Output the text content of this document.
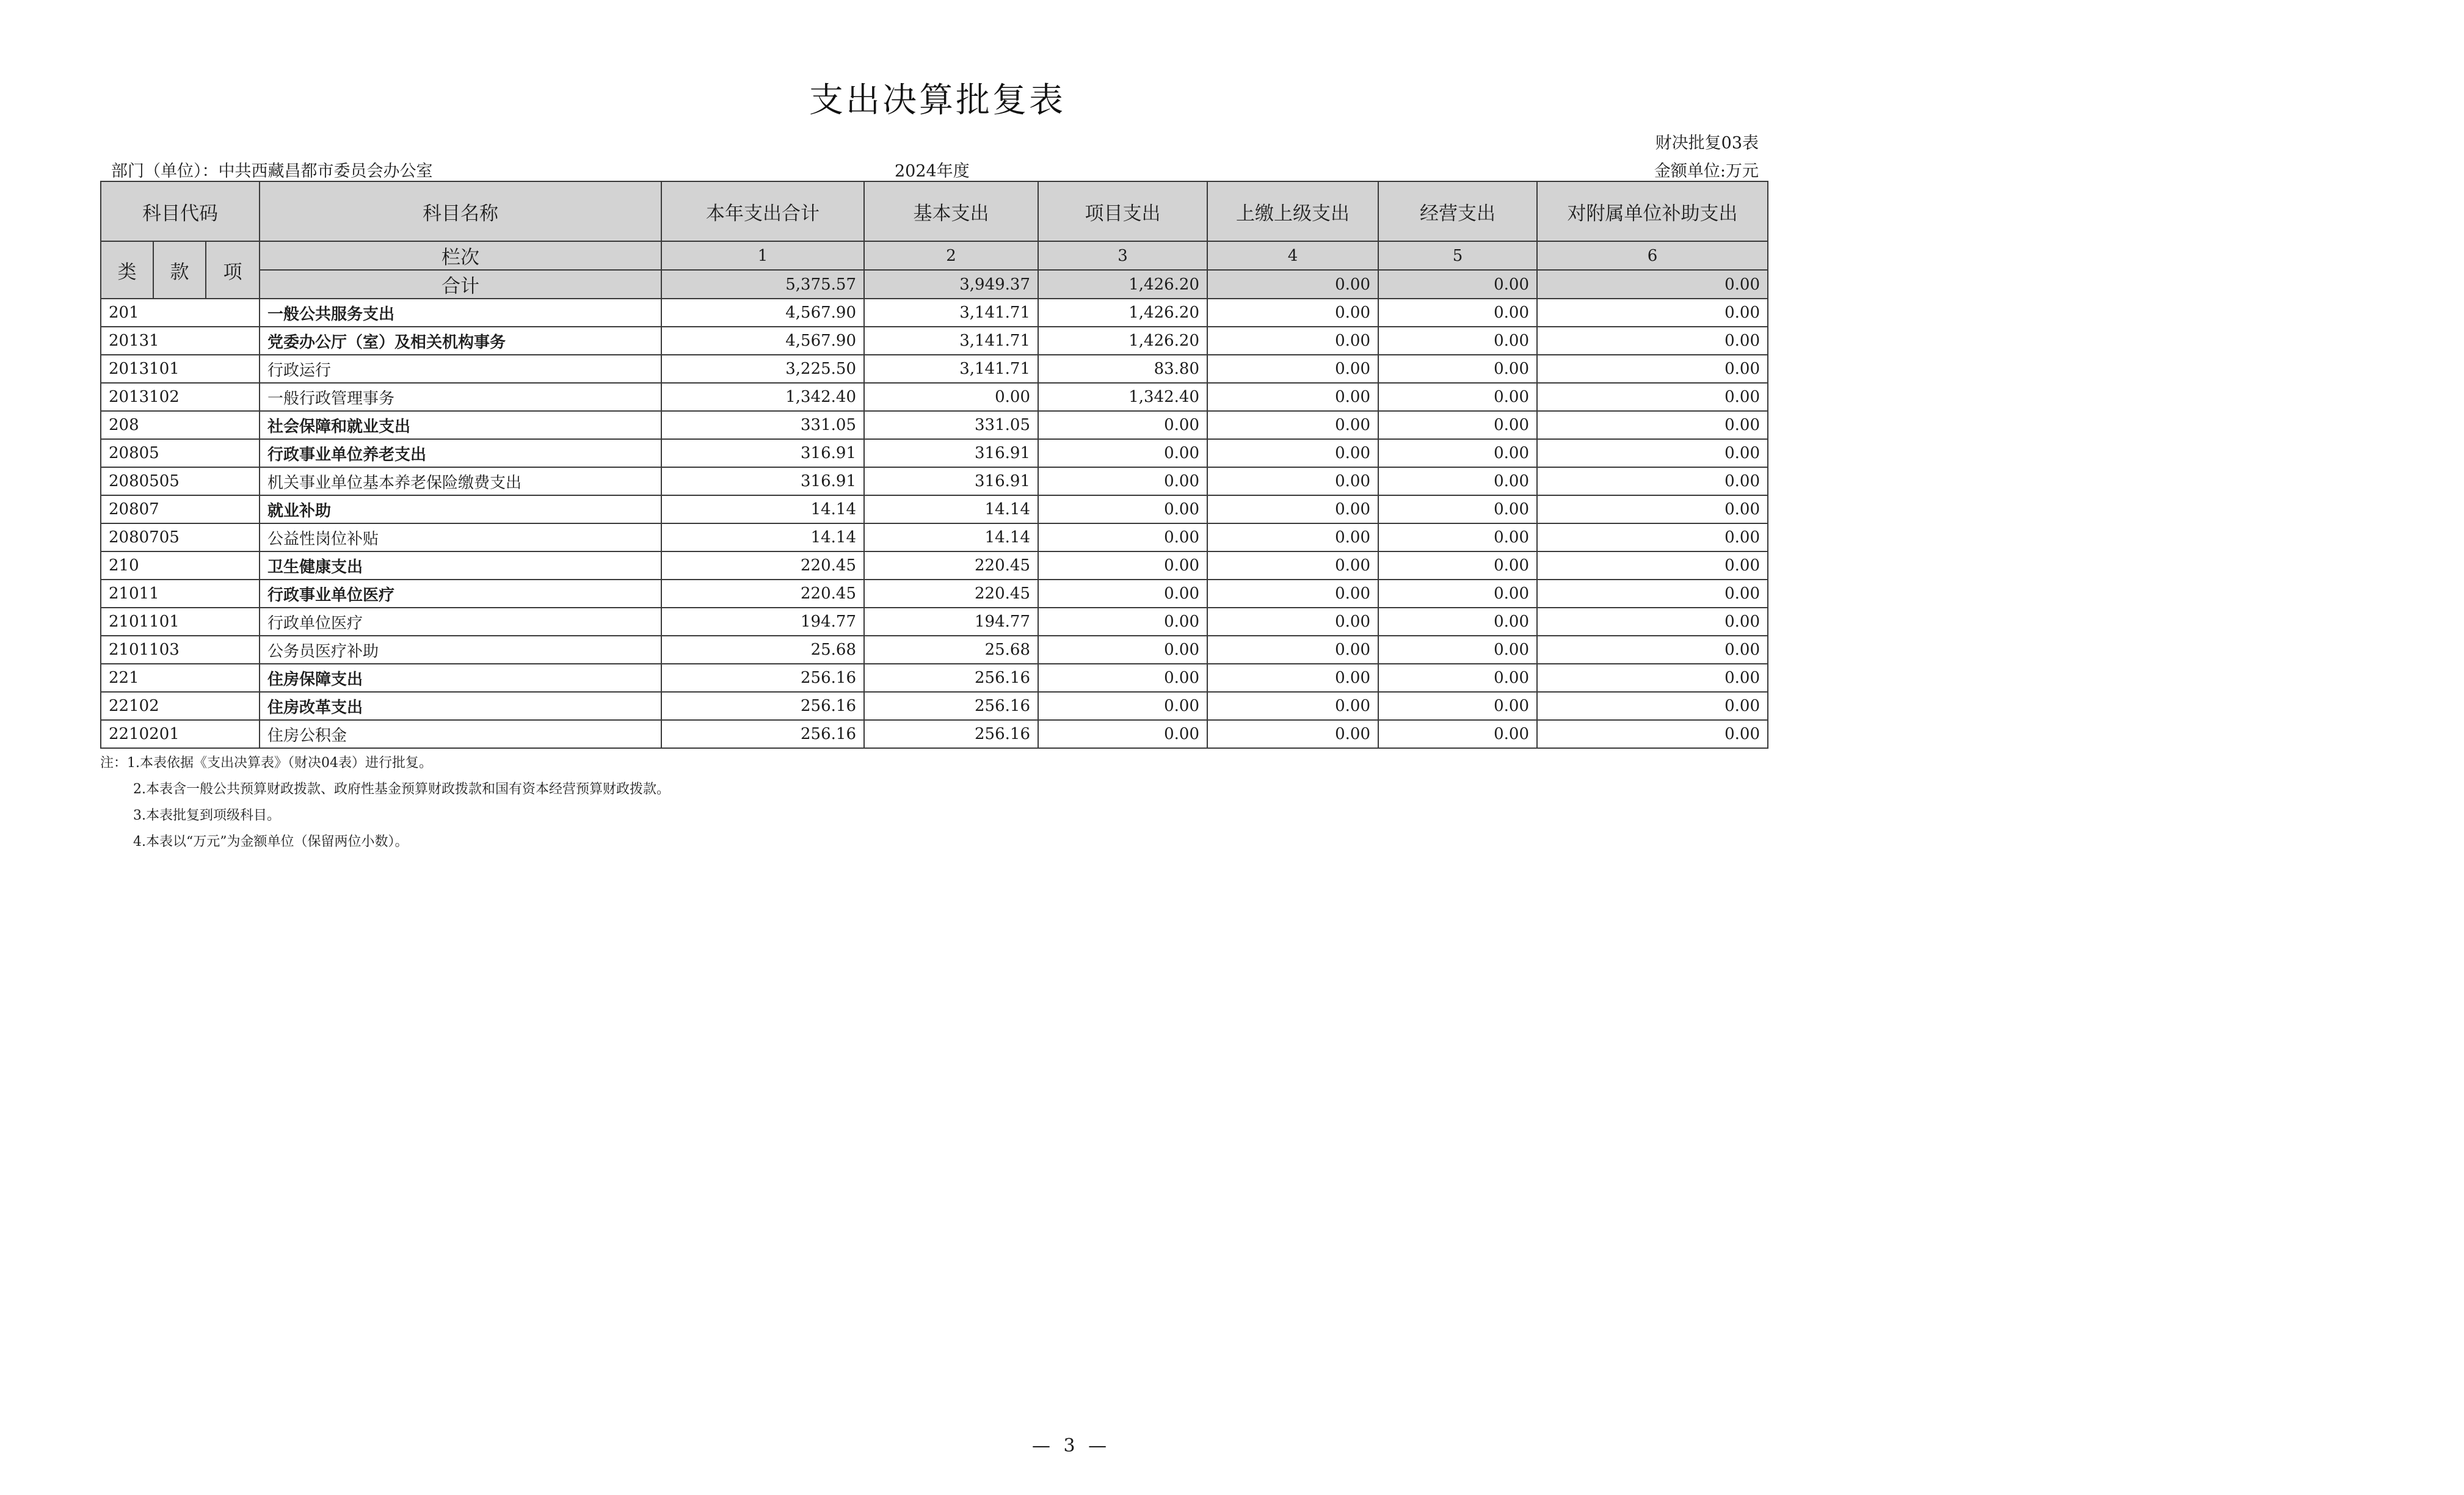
支出决算批复表
财决批复03表
部门（单位）：中共西藏昌都市委员会办公室	2024年度	金额单位:万元
科目代码			科目名称	本年支出合计	基本支出	项目支出	上缴上级支出	经营支出	对附属单位补助支出
类	款	项	栏次	1	2	3	4	5	6
			合计	5,375.57	3,949.37	1,426.20	0.00	0.00	0.00
201			一般公共服务支出	4,567.90	3,141.71	1,426.20	0.00	0.00	0.00
20131			党委办公厅（室）及相关机构事务	4,567.90	3,141.71	1,426.20	0.00	0.00	0.00
2013101			行政运行	3,225.50	3,141.71	83.80	0.00	0.00	0.00
2013102			一般行政管理事务	1,342.40	0.00	1,342.40	0.00	0.00	0.00
208			社会保障和就业支出	331.05	331.05	0.00	0.00	0.00	0.00
20805			行政事业单位养老支出	316.91	316.91	0.00	0.00	0.00	0.00
2080505			机关事业单位基本养老保险缴费支出	316.91	316.91	0.00	0.00	0.00	0.00
20807			就业补助	14.14	14.14	0.00	0.00	0.00	0.00
2080705			公益性岗位补贴	14.14	14.14	0.00	0.00	0.00	0.00
210			卫生健康支出	220.45	220.45	0.00	0.00	0.00	0.00
21011			行政事业单位医疗	220.45	220.45	0.00	0.00	0.00	0.00
2101101			行政单位医疗	194.77	194.77	0.00	0.00	0.00	0.00
2101103			公务员医疗补助	25.68	25.68	0.00	0.00	0.00	0.00
221			住房保障支出	256.16	256.16	0.00	0.00	0.00	0.00
22102			住房改革支出	256.16	256.16	0.00	0.00	0.00	0.00
2210201			住房公积金	256.16	256.16	0.00	0.00	0.00	0.00
注：1.本表依据《支出决算表》（财决04表）进行批复。
2.本表含一般公共预算财政拨款、政府性基金预算财政拨款和国有资本经营预算财政拨款。
3.本表批复到项级科目。
4.本表以“万元”为金额单位（保留两位小数）。
— 3 —
